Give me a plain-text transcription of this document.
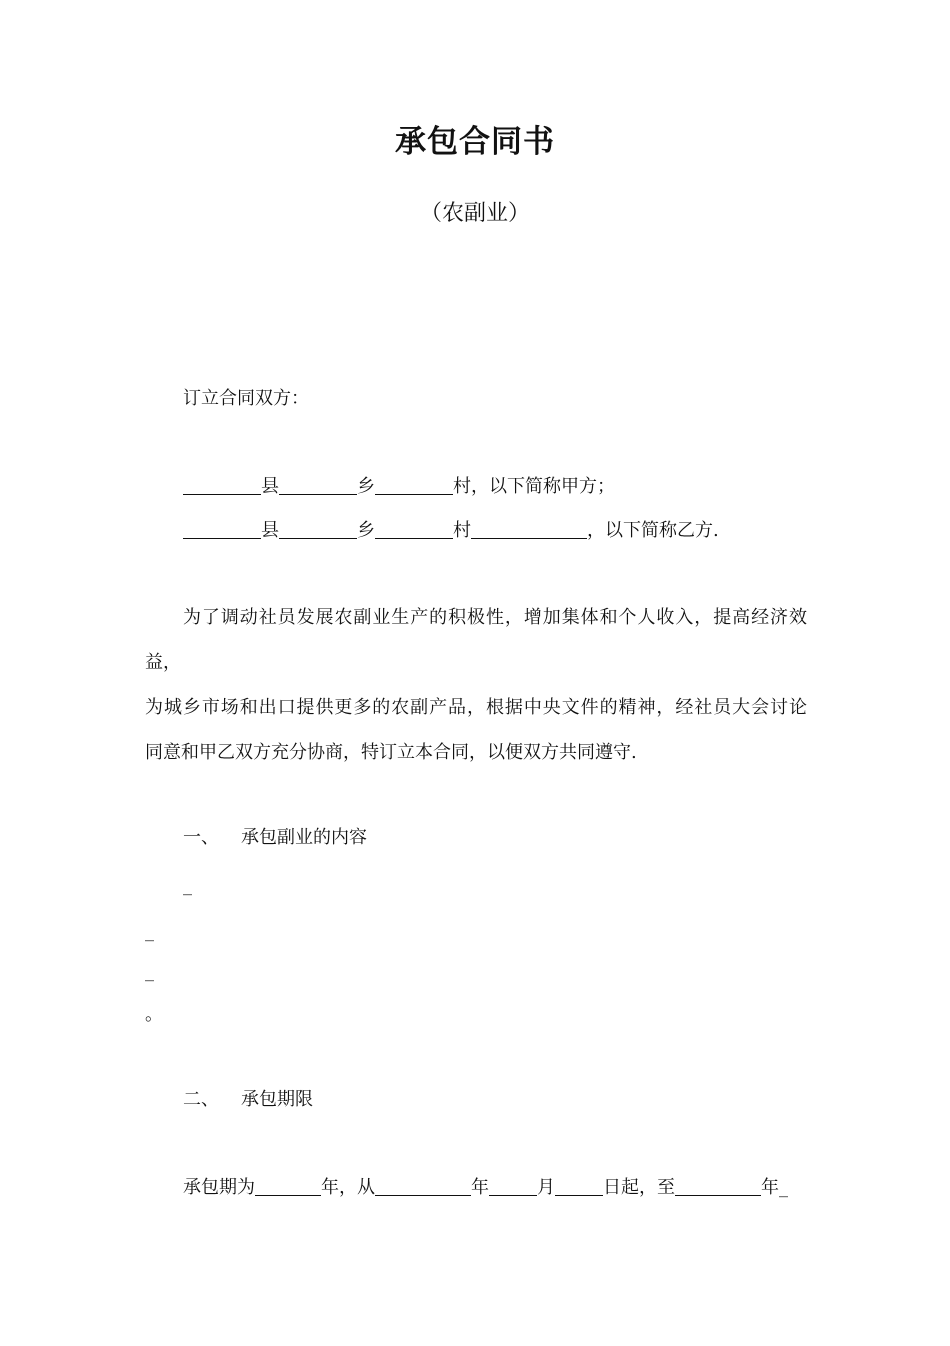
承包合同书
（农副业）
订立合同双方：
县	乡	村，以下简称甲方；
县	乡	村	，以下简称乙方.
为了调动社员发展农副业生产的积极性，增加集体和个人收入，提高经济效
益，
为城乡市场和出口提供更多的农副产品，根据中央文件的精神，经社员大会讨论
同意和甲乙双方充分协商，特订立本合同，以便双方共同遵守.
一、 承包副业的内容
_
_
_
。
二、 承包期限
承包期为	年，从	年	月	日起，至	年_
